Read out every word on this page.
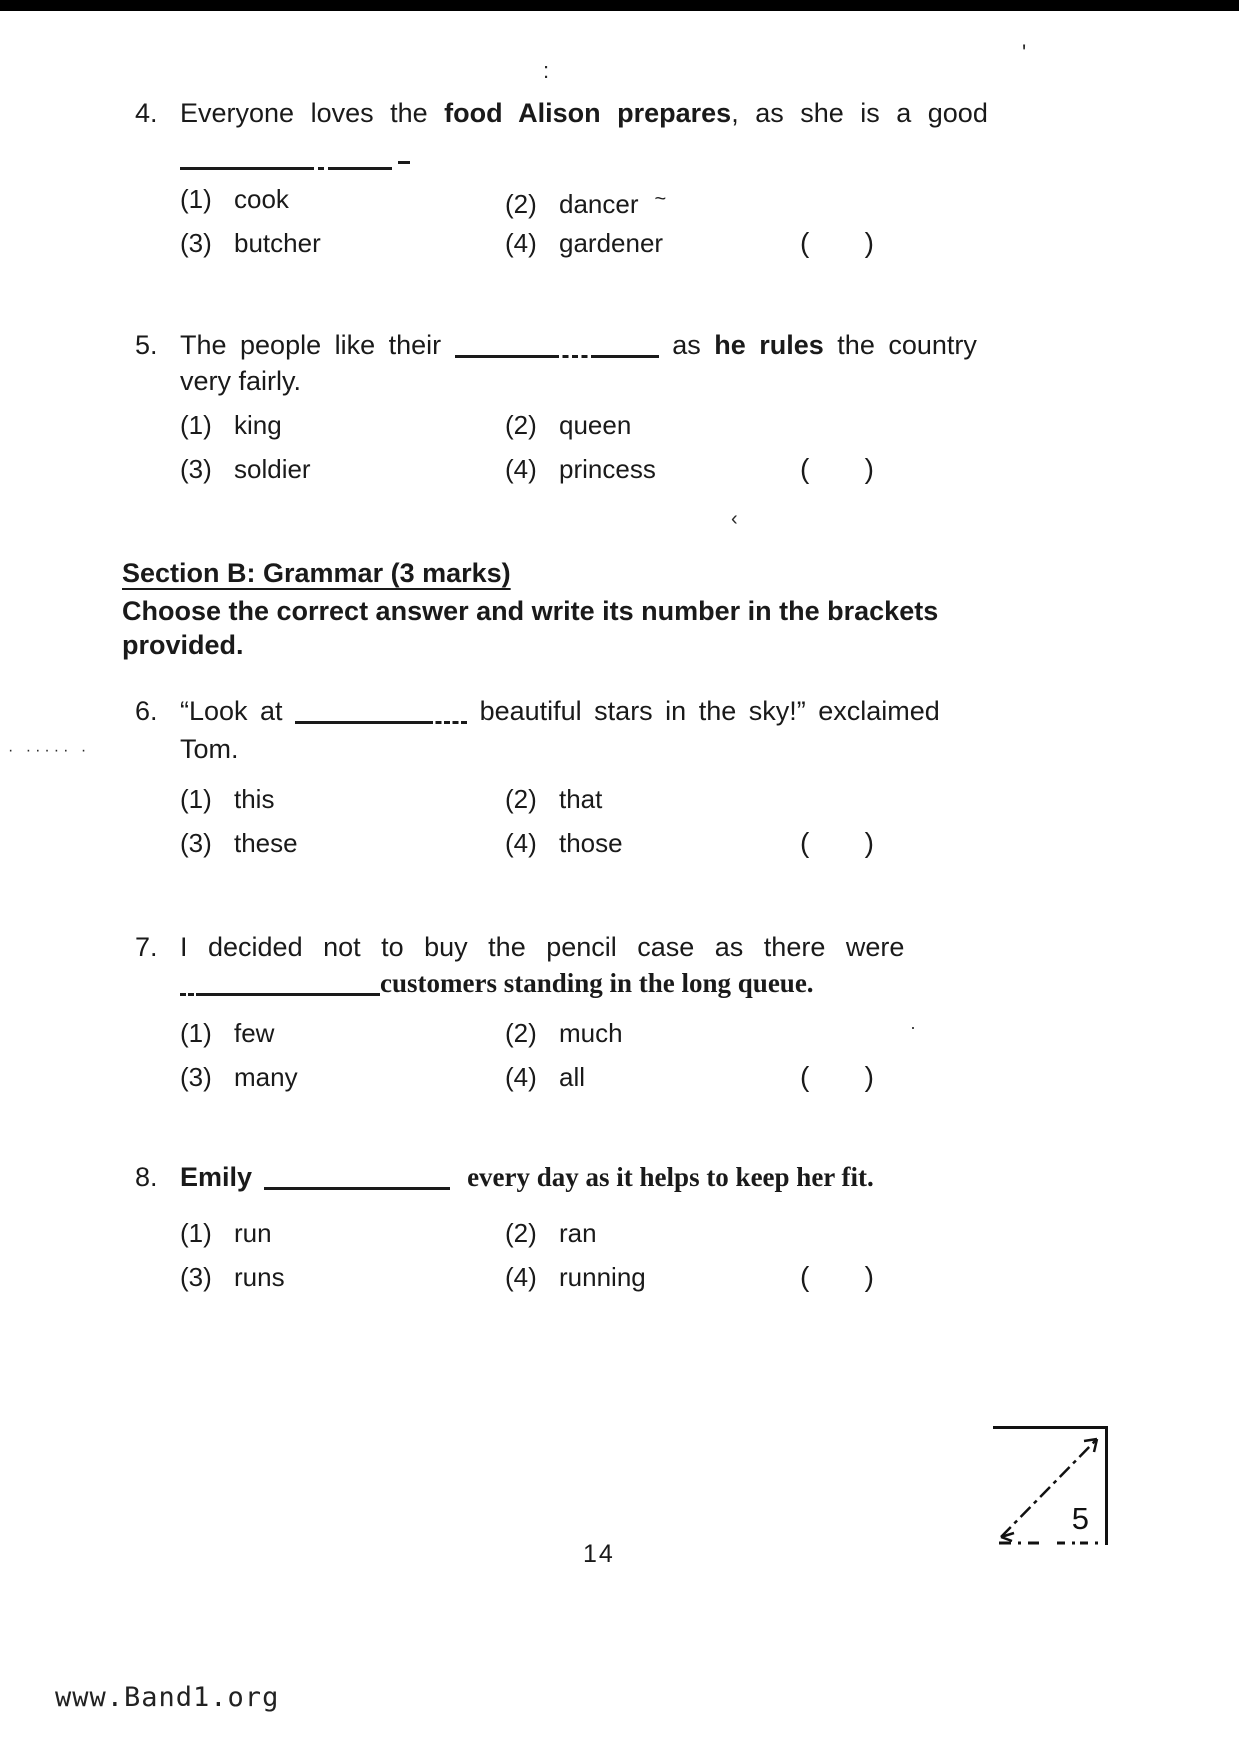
:
'
4. Everyone loves the food Alison prepares, as she is a good
(1) cook	(2) dancer ~
(3) butcher	(4) gardener	( )
5. The people like their	as he rules the country
very fairly.
(1) king	(2) queen
(3) soldier	(4) princess	( )
‹
Section B: Grammar (3 marks)
Choose the correct answer and write its number in the brackets
provided.
6. “Look at	beautiful stars in the sky!” exclaimed
Tom.
(1) this	(2) that
(3) these	(4) those	( )
· ····· ·
7. I decided not to buy the pencil case as there were
customers standing in the long queue.
(1) few	(2) much	·
(3) many	(4) all	( )
8. Emily	every day as it helps to keep her fit.
(1) run	(2) ran
(3) runs	(4) running	( )
5
14
www.Band1.org
